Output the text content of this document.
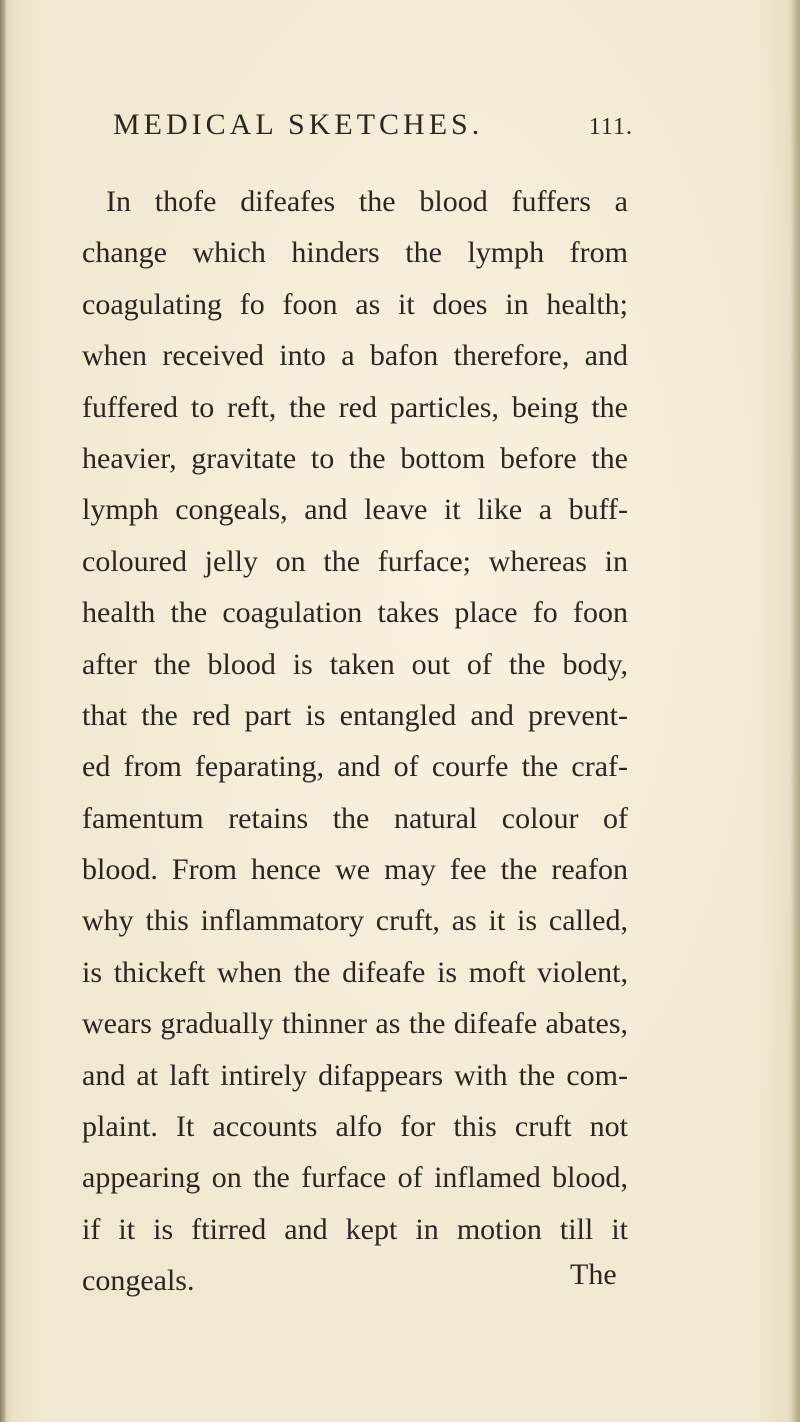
MEDICAL SKETCHES.	111.
In thofe difeafes the blood fuffers a
change which hinders the lymph from
coagulating fo foon as it does in health;
when received into a bafon therefore, and
fuffered to reft, the red particles, being the
heavier, gravitate to the bottom before the
lymph congeals, and leave it like a buff-
coloured jelly on the furface; whereas in
health the coagulation takes place fo foon
after the blood is taken out of the body,
that the red part is entangled and prevent-
ed from feparating, and of courfe the craf-
famentum retains the natural colour of
blood. From hence we may fee the reafon
why this inflammatory cruft, as it is called,
is thickeft when the difeafe is moft violent,
wears gradually thinner as the difeafe abates,
and at laft intirely difappears with the com-
plaint. It accounts alfo for this cruft not
appearing on the furface of inflamed blood,
if it is ftirred and kept in motion till it
congeals.	The
